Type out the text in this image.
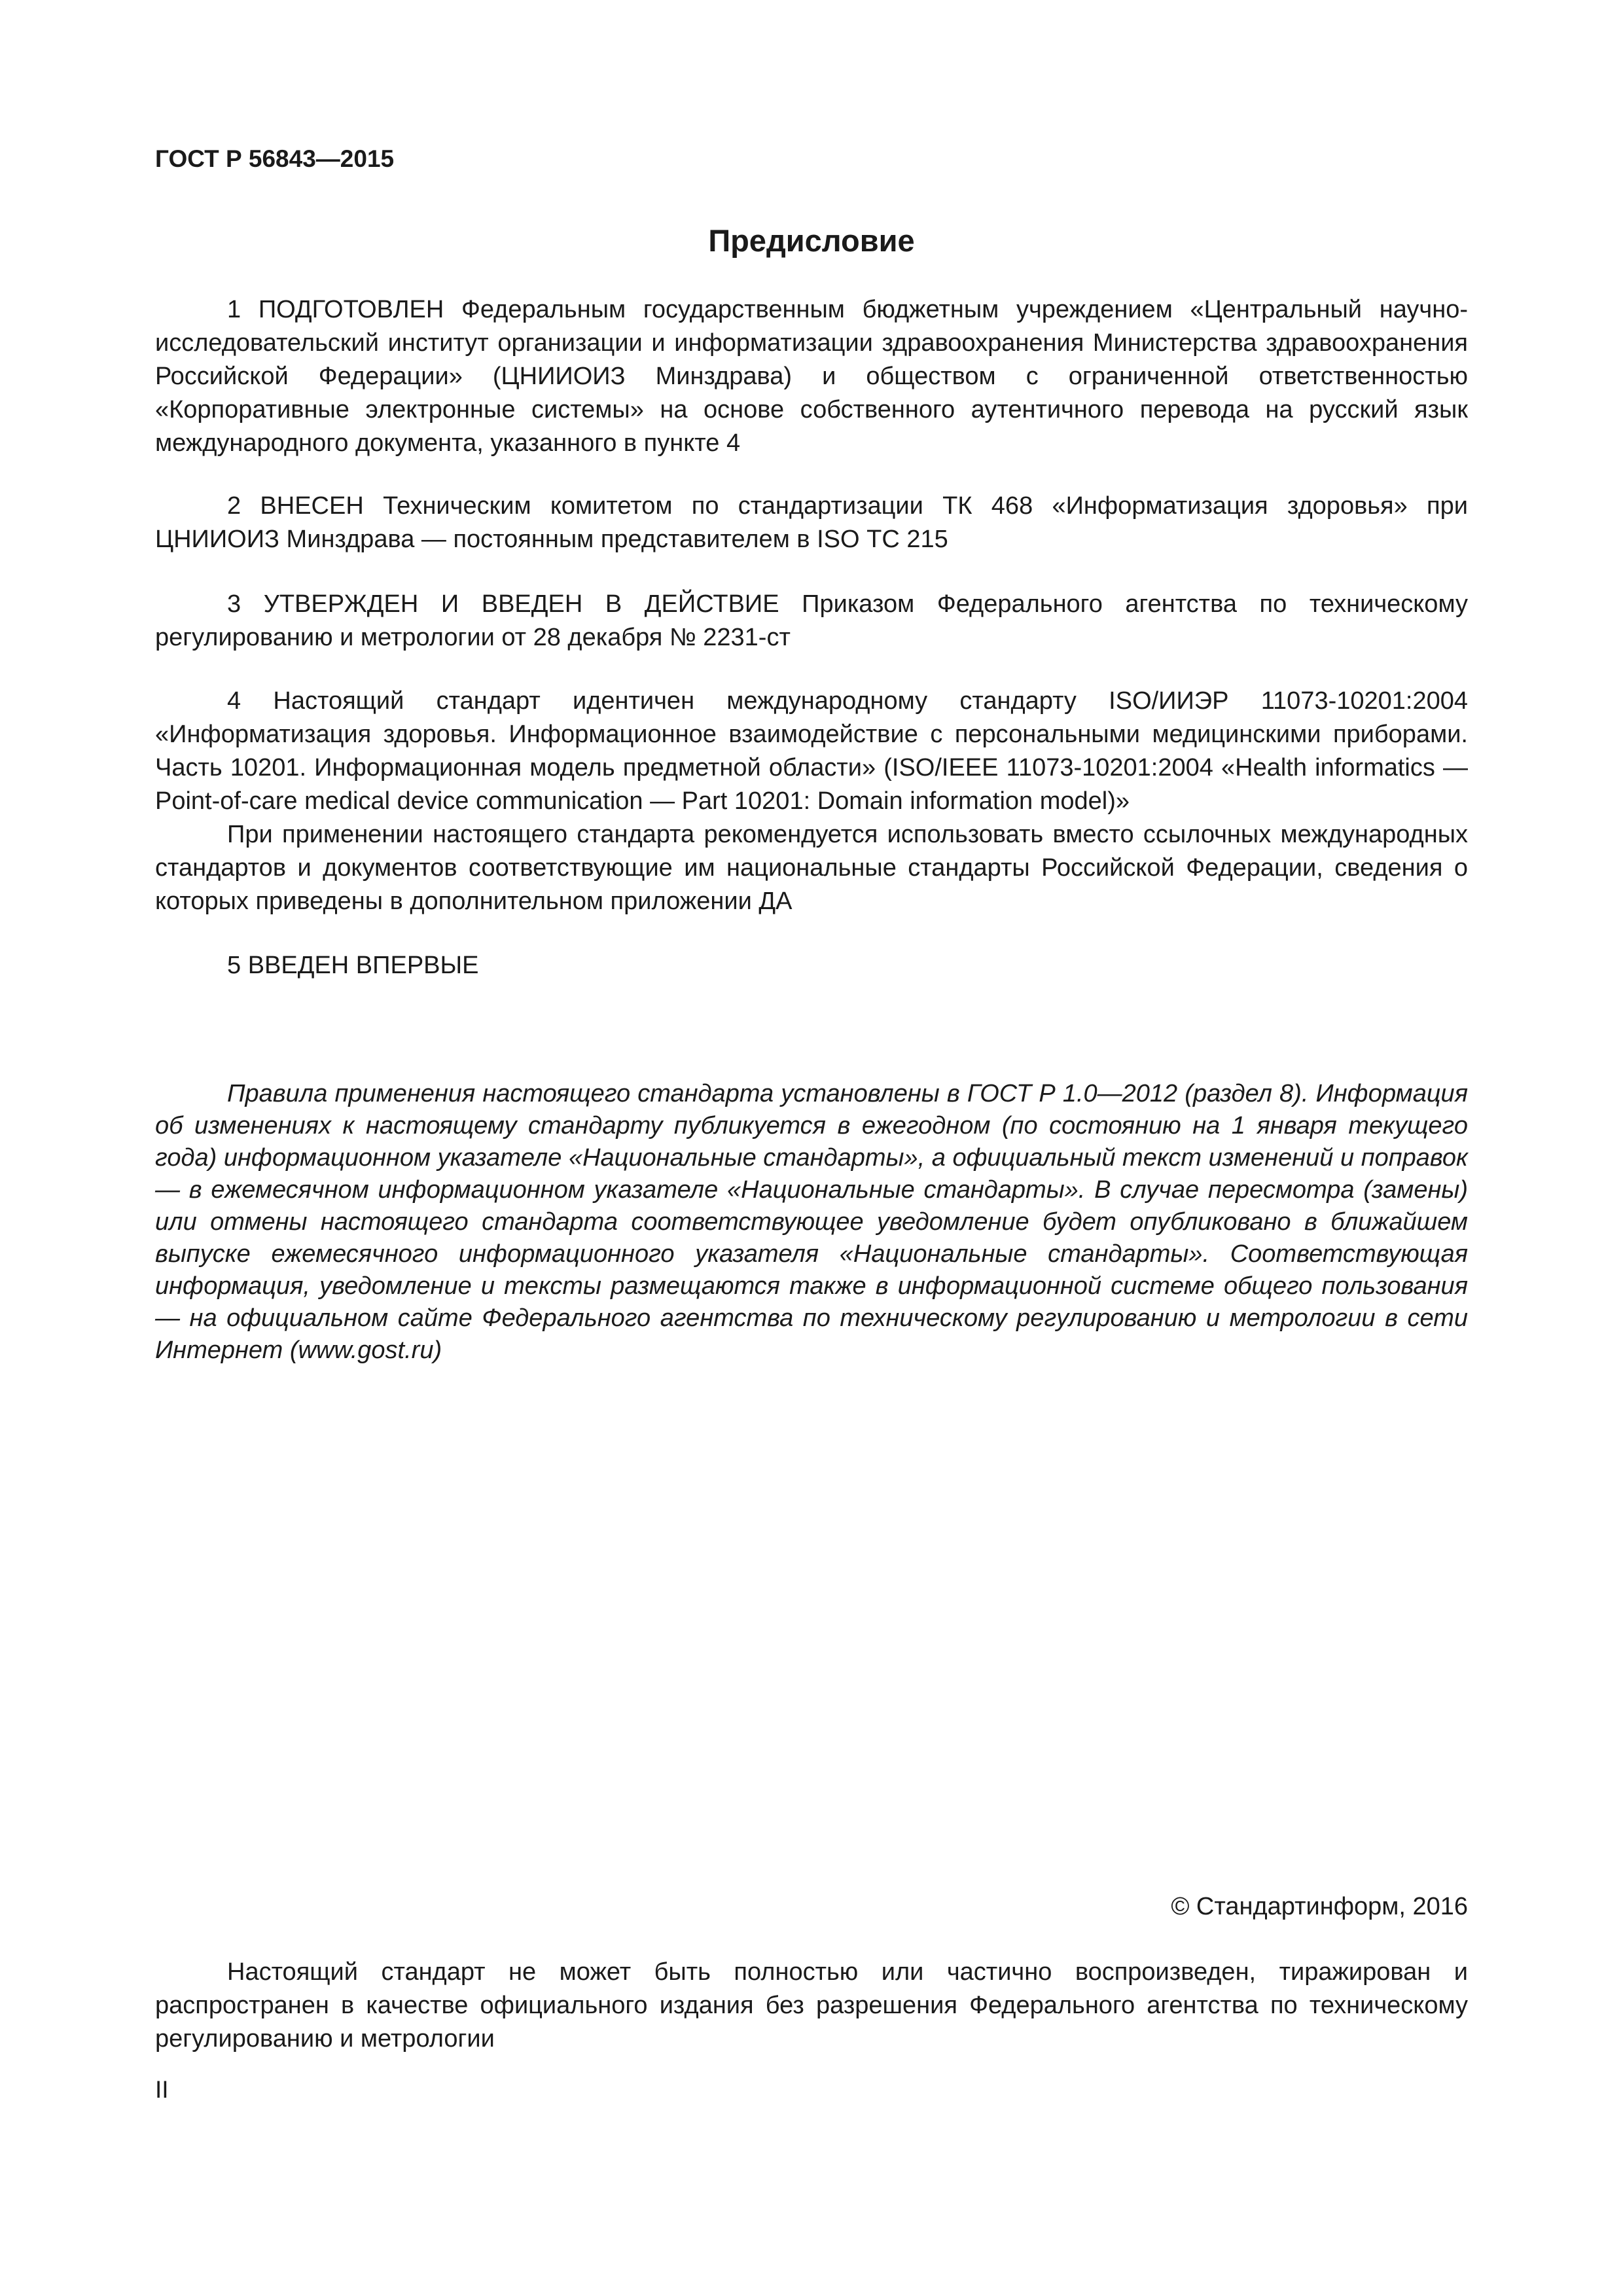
ГОСТ Р 56843—2015
Предисловие

1 ПОДГОТОВЛЕН Федеральным государственным бюджетным учреждением «Центральный научно-исследовательский институт организации и информатизации здравоохранения Министерства здравоохранения Российской Федерации» (ЦНИИОИЗ Минздрава) и обществом с ограниченной ответственностью «Корпоративные электронные системы» на основе собственного аутентичного перевода на русский язык международного документа, указанного в пункте 4

2 ВНЕСЕН Техническим комитетом по стандартизации ТК 468 «Информатизация здоровья» при ЦНИИОИЗ Минздрава — постоянным представителем в ISO ТС 215

3 УТВЕРЖДЕН И ВВЕДЕН В ДЕЙСТВИЕ Приказом Федерального агентства по техническому регулированию и метрологии от 28 декабря № 2231-ст

4 Настоящий стандарт идентичен международному стандарту ISO/ИИЭР 11073-10201:2004 «Информатизация здоровья. Информационное взаимодействие с персональными медицинскими приборами. Часть 10201. Информационная модель предметной области» (ISO/IEEE 11073-10201:2004 «Health informatics — Point-of-care medical device communication — Part 10201: Domain information model)»

При применении настоящего стандарта рекомендуется использовать вместо ссылочных международных стандартов и документов соответствующие им национальные стандарты Российской Федерации, сведения о которых приведены в дополнительном приложении ДА

5 ВВЕДЕН ВПЕРВЫЕ

Правила применения настоящего стандарта установлены в ГОСТ Р 1.0—2012 (раздел 8). Информация об изменениях к настоящему стандарту публикуется в ежегодном (по состоянию на 1 января текущего года) информационном указателе «Национальные стандарты», а официальный текст изменений и поправок — в ежемесячном информационном указателе «Национальные стандарты». В случае пересмотра (замены) или отмены настоящего стандарта соответствующее уведомление будет опубликовано в ближайшем выпуске ежемесячного информационного указателя «Национальные стандарты». Соответствующая информация, уведомление и тексты размещаются также в информационной системе общего пользования — на официальном сайте Федерального агентства по техническому регулированию и метрологии в сети Интернет (www.gost.ru)

© Стандартинформ, 2016

Настоящий стандарт не может быть полностью или частично воспроизведен, тиражирован и распространен в качестве официального издания без разрешения Федерального агентства по техническому регулированию и метрологии

II
